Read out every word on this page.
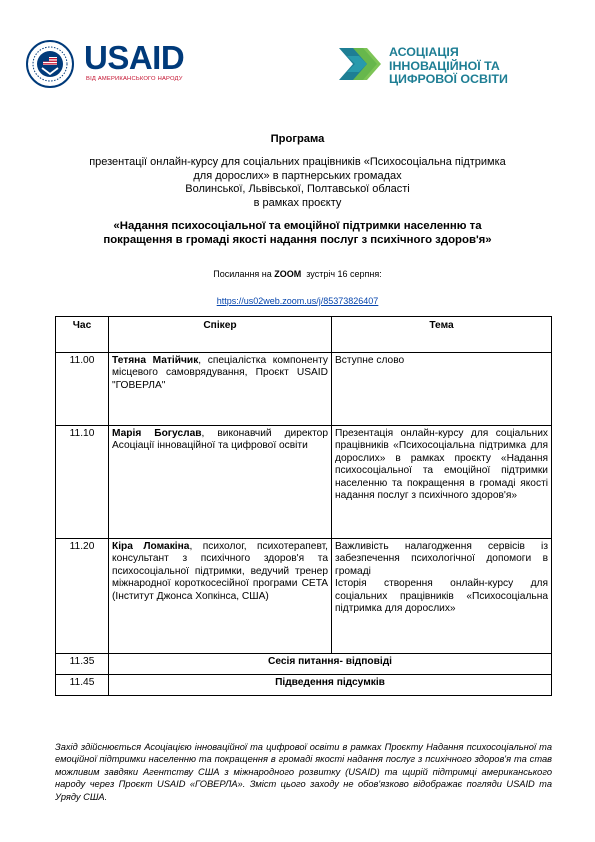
USAID
ВІД АМЕРИКАНСЬКОГО НАРОДУ
АСОЦІАЦІЯ
ІННОВАЦІЙНОЇ ТА
ЦИФРОВОЇ ОСВІТИ
Програма
презентації онлайн-курсу для соціальних працівників «Психосоціальна підтримка
для дорослих» в партнерських громадах
Волинської, Львівської, Полтавської області
в рамках проєкту
«Надання психосоціальної та емоційної підтримки населенню та
покращення в громаді якості надання послуг з психічного здоров'я»
Посилання на ZOOM  зустріч 16 серпня:
https://us02web.zoom.us/j/85373826407
Час	Спікер	Тема
11.00	Тетяна Матійчик, спеціалістка компоненту місцевого самоврядування, Проєкт USAID "ГОВЕРЛА"	Вступне слово
11.10	Марія Богуслав, виконавчий директор Асоціації інноваційної та цифрової освіти	Презентація онлайн-курсу для соціальних працівників «Психосоціальна підтримка для дорослих» в рамках проєкту «Надання психосоціальної та емоційної підтримки населенню та покращення в громаді якості надання послуг з психічного здоров'я»
11.20	Кіра Ломакіна, психолог, психотерапевт, консультант з психічного здоров'я та психосоціальної підтримки, ведучий тренер міжнародної короткосесійної програми CETA (Інститут Джонса Хопкінса, США)	Важливість налагодження сервісів із забезпечення психологічної допомоги в громаді
Історія створення онлайн-курсу для соціальних працівників «Психосоціальна підтримка для дорослих»

11.35	Сесія питання- відповіді	
11.45	Підведення підсумків	
Захід здійснюється Асоціацією інноваційної та цифрової освіти в рамках Проєкту Надання психосоціальної та емоційної підтримки населенню та покращення в громаді якості надання послуг з психічного здоров'я та став можливим завдяки Агентству США з міжнародного розвитку (USAID) та щирій підтримці американського народу через Проєкт USAID «ГОВЕРЛА». Зміст цього заходу не обов'язково відображає погляди USAID та Уряду США.
